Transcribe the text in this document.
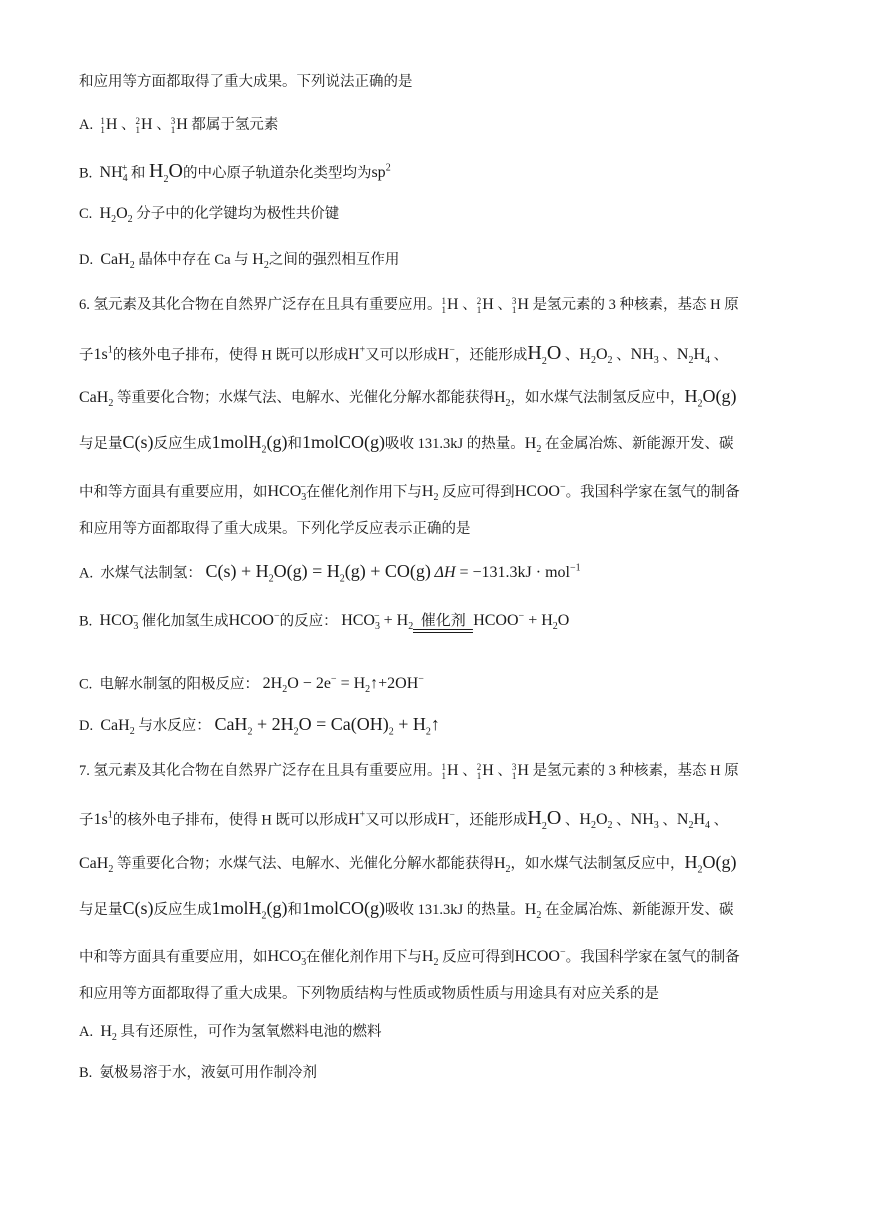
和应用等方面都取得了重大成果。下列说法正确的是
A. 1
1 H 、 2
1 H 、 3
1 H 都属于氢元素
B. $NH_4^+$ 和 $H_2O$的中心原子轨道杂化类型均为$sp^2$
C. $H_2O_2$ 分子中的化学键均为极性共价键
D. CaH$_2$ 晶体中存在 Ca 与 $H_2$之间的强烈相互作用
6. 氢元素及其化合物在自然界广泛存在且具有重要应用。 1
1 H 、 2
1 H 、 3
1 H 是氢元素的 3 种核素，基态 H 原
子$1s^1$的核外电子排布，使得 H 既可以形成H+又可以形成H−，还能形成$H_2O$ 、$H_2O_2$ 、$NH_3$ 、$N_2H_4$ 、
CaH$_2$ 等重要化合物；水煤气法、电解水、光催化分解水都能获得$H_2$，如水煤气法制氢反应中，$H_2O(g)$
与足量C(s)反应生成1molH$_2$(g)和1molCO(g)吸收 131.3kJ 的热量。$H_2$ 在金属冶炼、新能源开发、碳
中和等方面具有重要应用，如$HCO_3^-$在催化剂作用下与$H_2$ 反应可得到HCOO−。我国科学家在氢气的制备
和应用等方面都取得了重大成果。下列化学反应表示正确的是
A. 水煤气法制氢： $C(s) + H_2O(g) = H_2(g) + CO(g) \Delta H = -131.3kJ \cdot mol^{-1}$
B. $HCO_3^-$ 催化加氢生成HCOO−的反应： $HCO_3^- + H_2$ 催化剂 HCOO− + $H_2O$
C. 电解水制氢的阳极反应： $2H_2O - 2e^-$ = $H_2↑+2OH^-$
D. CaH$_2$ 与水反应： $CaH_2 + 2H_2O = Ca(OH)_2$ + $H_2↑$
7. 氢元素及其化合物在自然界广泛存在且具有重要应用。 1
1 H 、 2
1 H 、 3
1 H 是氢元素的 3 种核素，基态 H 原
子$1s^1$的核外电子排布，使得 H 既可以形成H+又可以形成H−，还能形成$H_2O$ 、$H_2O_2$ 、$NH_3$ 、$N_2H_4$ 、
CaH$_2$ 等重要化合物；水煤气法、电解水、光催化分解水都能获得$H_2$，如水煤气法制氢反应中，$H_2O(g)$
与足量C(s)反应生成1molH$_2$(g)和1molCO(g)吸收 131.3kJ 的热量。$H_2$ 在金属冶炼、新能源开发、碳
中和等方面具有重要应用，如$HCO_3^-$在催化剂作用下与$H_2$ 反应可得到HCOO−。我国科学家在氢气的制备
和应用等方面都取得了重大成果。下列物质结构与性质或物质性质与用途具有对应关系的是
A. $H_2$ 具有还原性，可作为氢氧燃料电池的燃料
B. 氨极易溶于水，液氨可用作制冷剂
